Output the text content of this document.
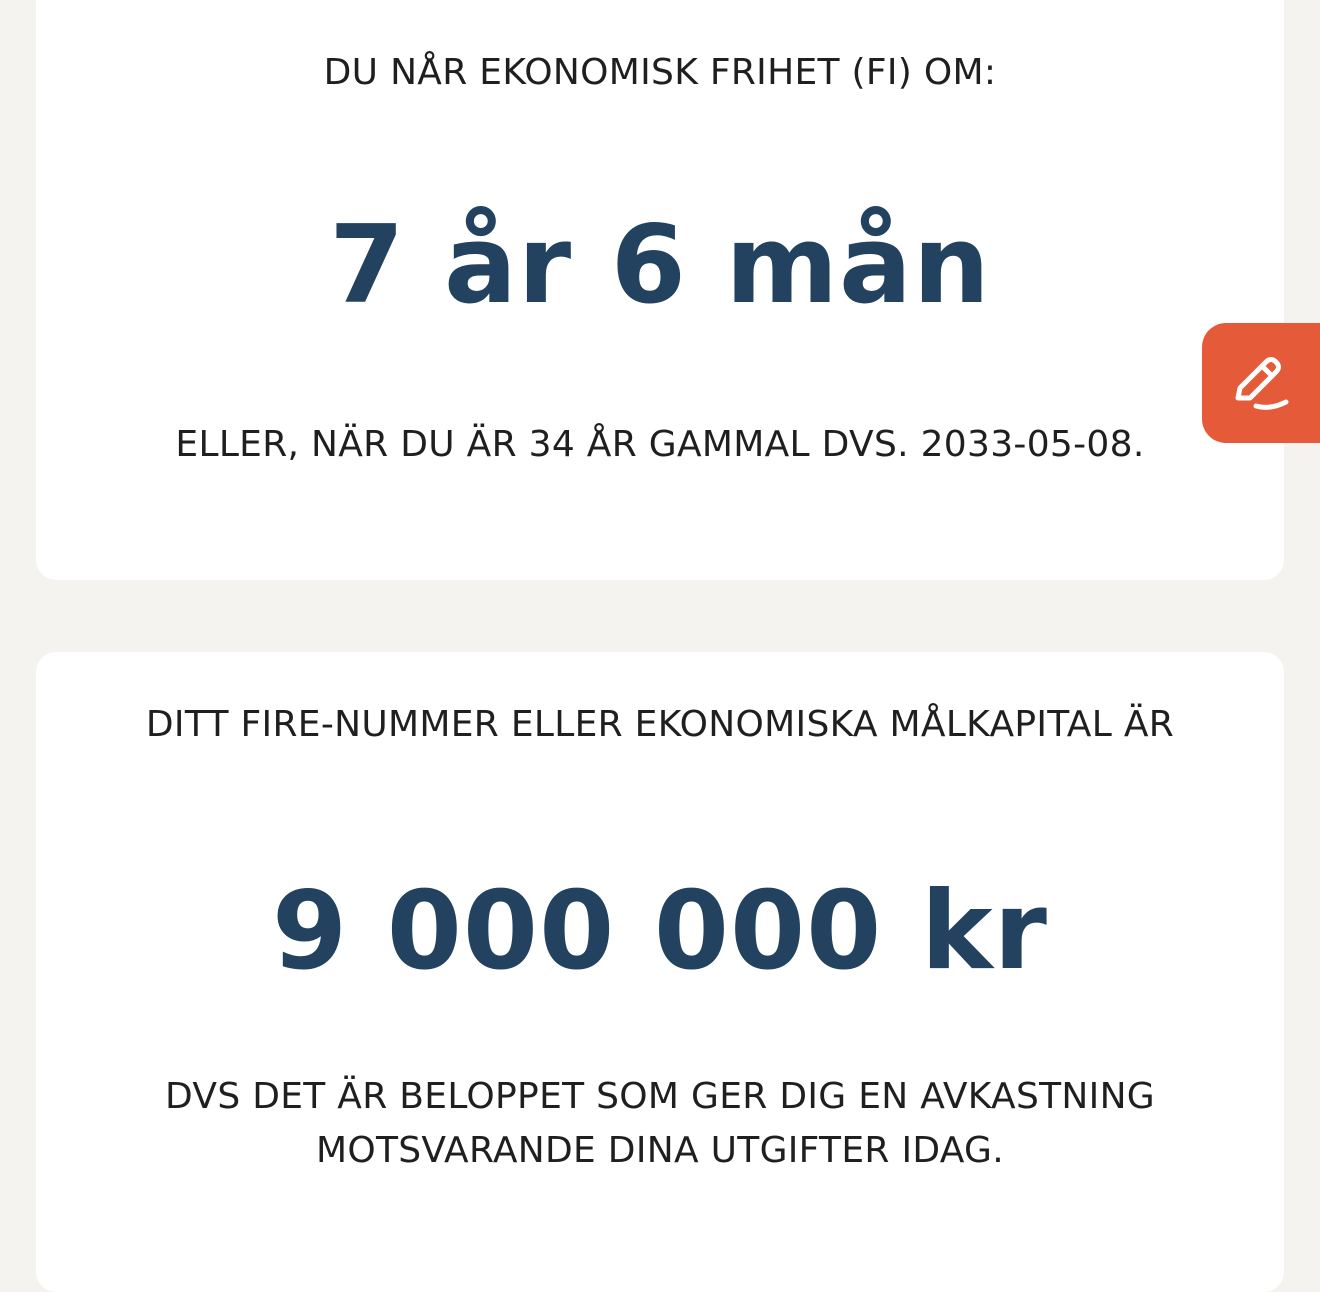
DU NÅR EKONOMISK FRIHET (FI) OM:
7 år 6 mån
ELLER, NÄR DU ÄR 34 ÅR GAMMAL DVS. 2033-05-08.
DITT FIRE-NUMMER ELLER EKONOMISKA MÅLKAPITAL ÄR
9 000 000 kr
DVS DET ÄR BELOPPET SOM GER DIG EN AVKASTNING
MOTSVARANDE DINA UTGIFTER IDAG.
